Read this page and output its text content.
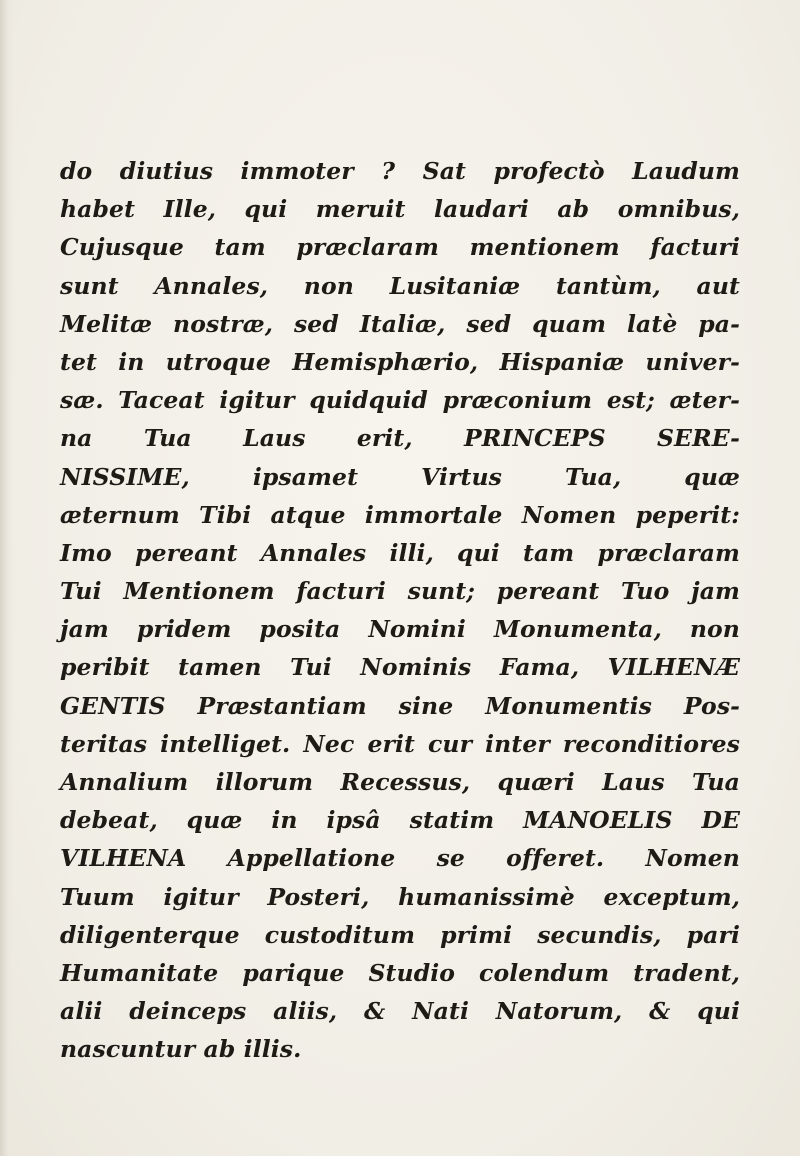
do diutius immoter ? Sat profectò Laudum
habet Ille, qui meruit laudari ab omnibus,
Cujusque tam præclaram mentionem facturi
sunt Annales, non Lusitaniæ tantùm, aut
Melitæ nostræ, sed Italiæ, sed quam latè pa-
tet in utroque Hemisphærio, Hispaniæ univer-
sæ. Taceat igitur quidquid præconium est; æter-
na Tua Laus erit, PRINCEPS SERE-
NISSIME, ipsamet Virtus Tua, quæ
æternum Tibi atque immortale Nomen peperit:
Imo pereant Annales illi, qui tam præclaram
Tui Mentionem facturi sunt; pereant Tuo jam
jam pridem posita Nomini Monumenta, non
peribit tamen Tui Nominis Fama, VILHENÆ
GENTIS Præstantiam sine Monumentis Pos-
teritas intelliget. Nec erit cur inter reconditiores
Annalium illorum Recessus, quæri Laus Tua
debeat, quæ in ipsâ statim MANOELIS DE
VILHENA Appellatione se offeret. Nomen
Tuum igitur Posteri, humanissimè exceptum,
diligenterque custoditum primi secundis, pari
Humanitate parique Studio colendum tradent,
alii deinceps aliis, & Nati Natorum, & qui
nascuntur ab illis.
